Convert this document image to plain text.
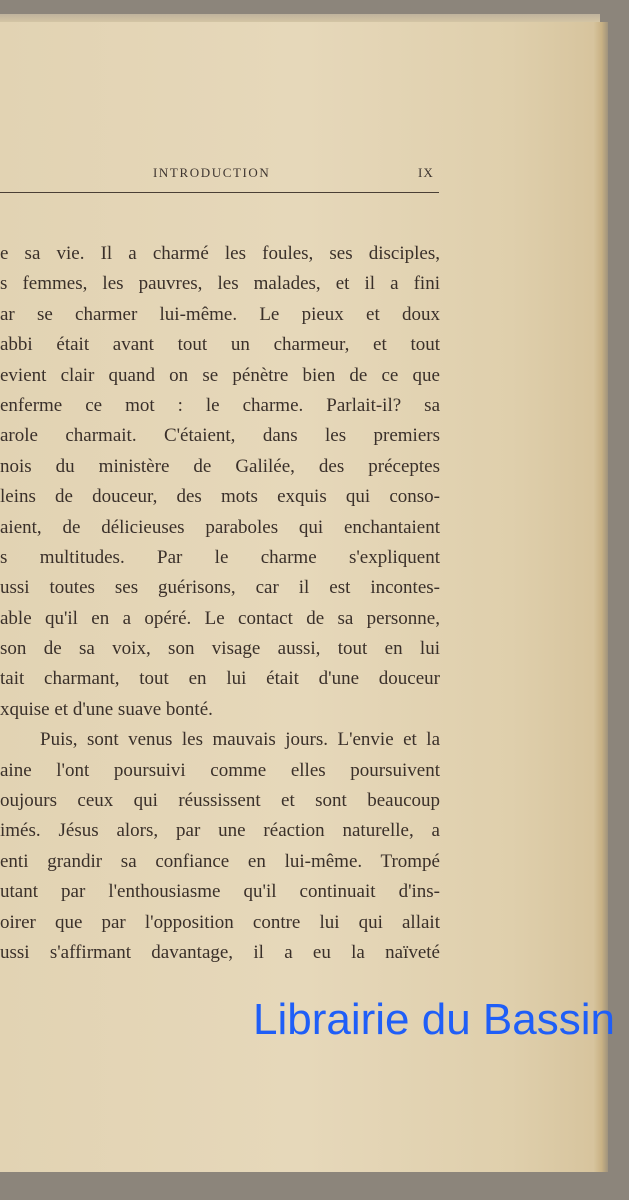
INTRODUCTION	IX
e sa vie. Il a charmé les foules, ses disciples,
s femmes, les pauvres, les malades, et il a fini
ar se charmer lui-même. Le pieux et doux
abbi était avant tout un charmeur, et tout
evient clair quand on se pénètre bien de ce que
enferme ce mot : le charme. Parlait-il? sa
arole charmait. C'étaient, dans les premiers
nois du ministère de Galilée, des préceptes
leins de douceur, des mots exquis qui conso-
aient, de délicieuses paraboles qui enchantaient
s multitudes. Par le charme s'expliquent
ussi toutes ses guérisons, car il est incontes-
able qu'il en a opéré. Le contact de sa personne,
son de sa voix, son visage aussi, tout en lui
tait charmant, tout en lui était d'une douceur
xquise et d'une suave bonté.
Puis, sont venus les mauvais jours. L'envie et la
aine l'ont poursuivi comme elles poursuivent
oujours ceux qui réussissent et sont beaucoup
imés. Jésus alors, par une réaction naturelle, a
enti grandir sa confiance en lui-même. Trompé
utant par l'enthousiasme qu'il continuait d'ins-
oirer que par l'opposition contre lui qui allait
ussi s'affirmant davantage, il a eu la naïveté
Librairie du Bassin
